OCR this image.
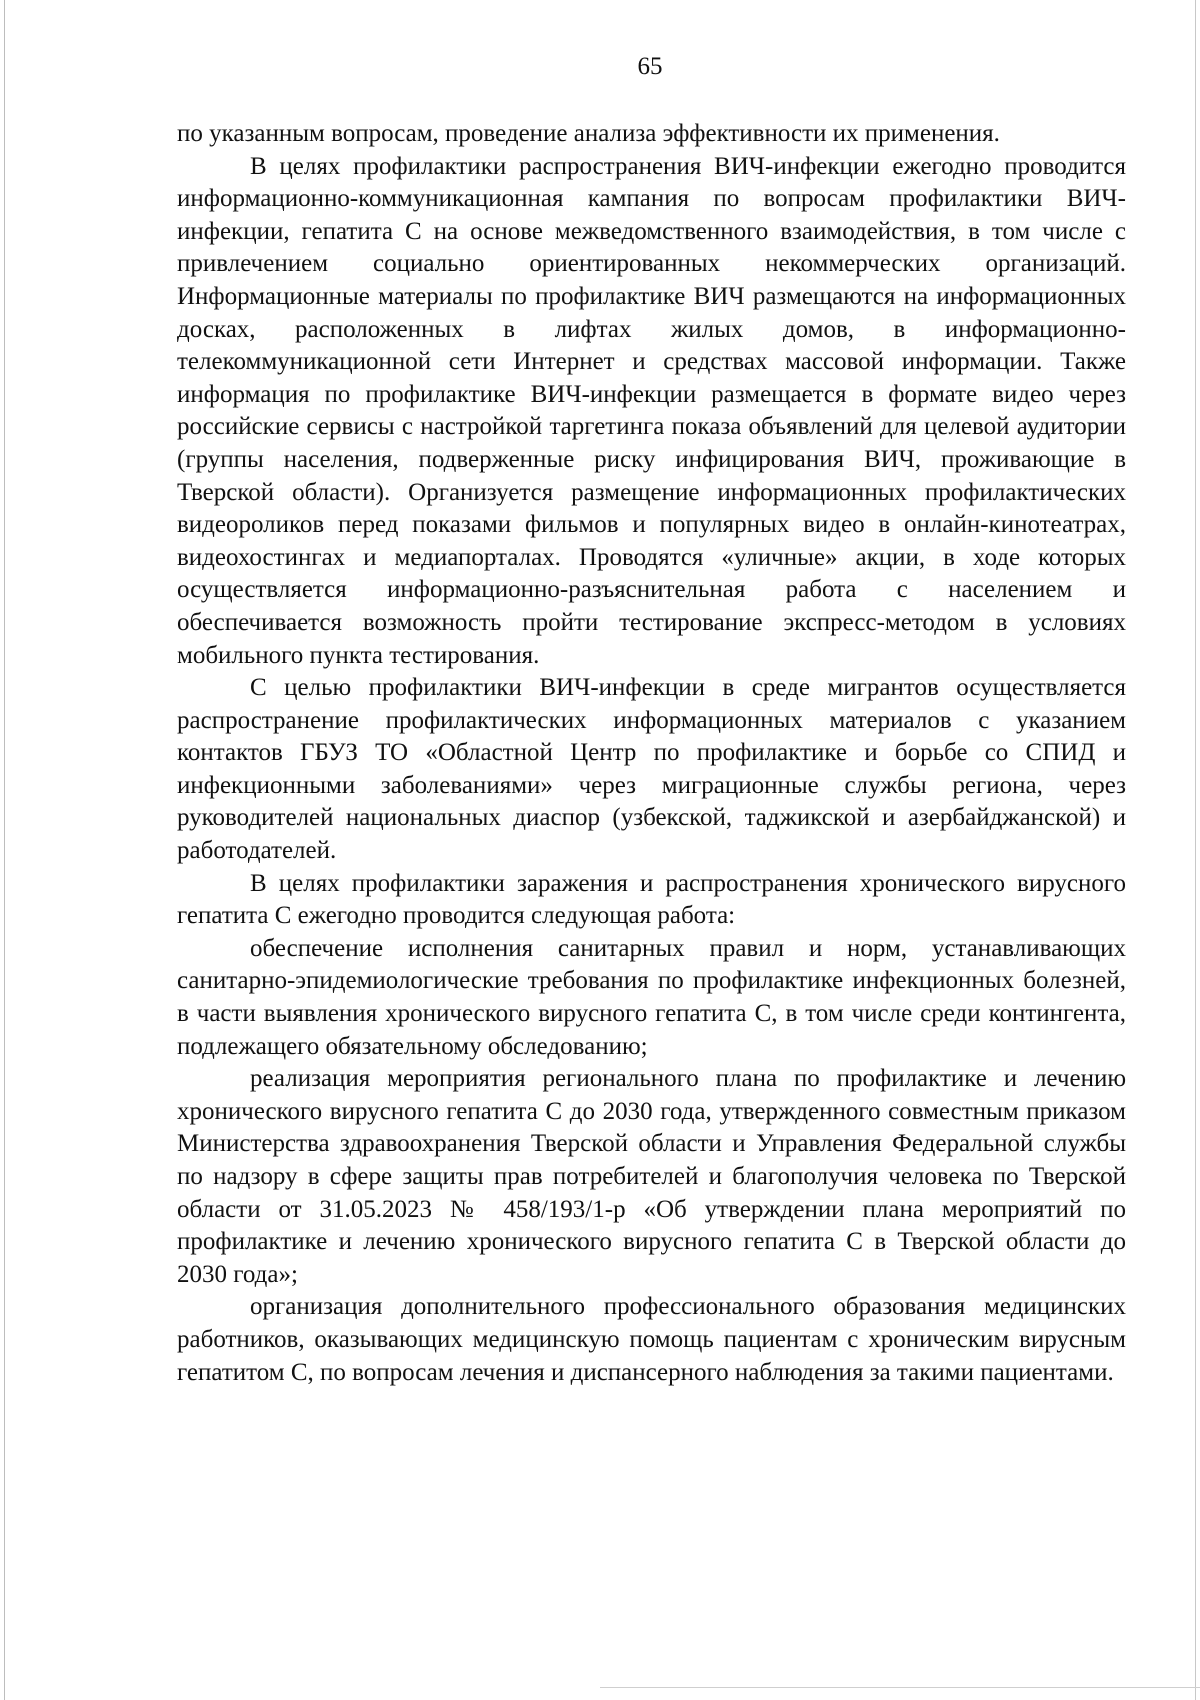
65

по указанным вопросам, проведение анализа эффективности их применения.

В целях профилактики распространения ВИЧ-инфекции ежегодно проводится информационно-коммуникационная кампания по вопросам профилактики ВИЧ-инфекции, гепатита С на основе межведомственного взаимодействия, в том числе с привлечением социально ориентированных некоммерческих организаций. Информационные материалы по профилактике ВИЧ размещаются на информационных досках, расположенных в лифтах жилых домов, в информационно-телекоммуникационной сети Интернет и средствах массовой информации. Также информация по профилактике ВИЧ-инфекции размещается в формате видео через российские сервисы с настройкой таргетинга показа объявлений для целевой аудитории (группы населения, подверженные риску инфицирования ВИЧ, проживающие в Тверской области). Организуется размещение информационных профилактических видеороликов перед показами фильмов и популярных видео в онлайн-кинотеатрах, видеохостингах и медиапорталах. Проводятся «уличные» акции, в ходе которых осуществляется информационно-разъяснительная работа с населением и обеспечивается возможность пройти тестирование экспресс-методом в условиях мобильного пункта тестирования.

С целью профилактики ВИЧ-инфекции в среде мигрантов осуществляется распространение профилактических информационных материалов с указанием контактов ГБУЗ ТО «Областной Центр по профилактике и борьбе со СПИД и инфекционными заболеваниями» через миграционные службы региона, через руководителей национальных диаспор (узбекской, таджикской и азербайджанской) и работодателей.

В целях профилактики заражения и распространения хронического вирусного гепатита С ежегодно проводится следующая работа:

обеспечение исполнения санитарных правил и норм, устанавливающих санитарно-эпидемиологические требования по профилактике инфекционных болезней, в части выявления хронического вирусного гепатита С, в том числе среди контингента, подлежащего обязательному обследованию;

реализация мероприятия регионального плана по профилактике и лечению хронического вирусного гепатита С до 2030 года, утвержденного совместным приказом Министерства здравоохранения Тверской области и Управления Федеральной службы по надзору в сфере защиты прав потребителей и благополучия человека по Тверской области от 31.05.2023 № 458/193/1-р «Об утверждении плана мероприятий по профилактике и лечению хронического вирусного гепатита С в Тверской области до 2030 года»;

организация дополнительного профессионального образования медицинских работников, оказывающих медицинскую помощь пациентам с хроническим вирусным гепатитом С, по вопросам лечения и диспансерного наблюдения за такими пациентами.
